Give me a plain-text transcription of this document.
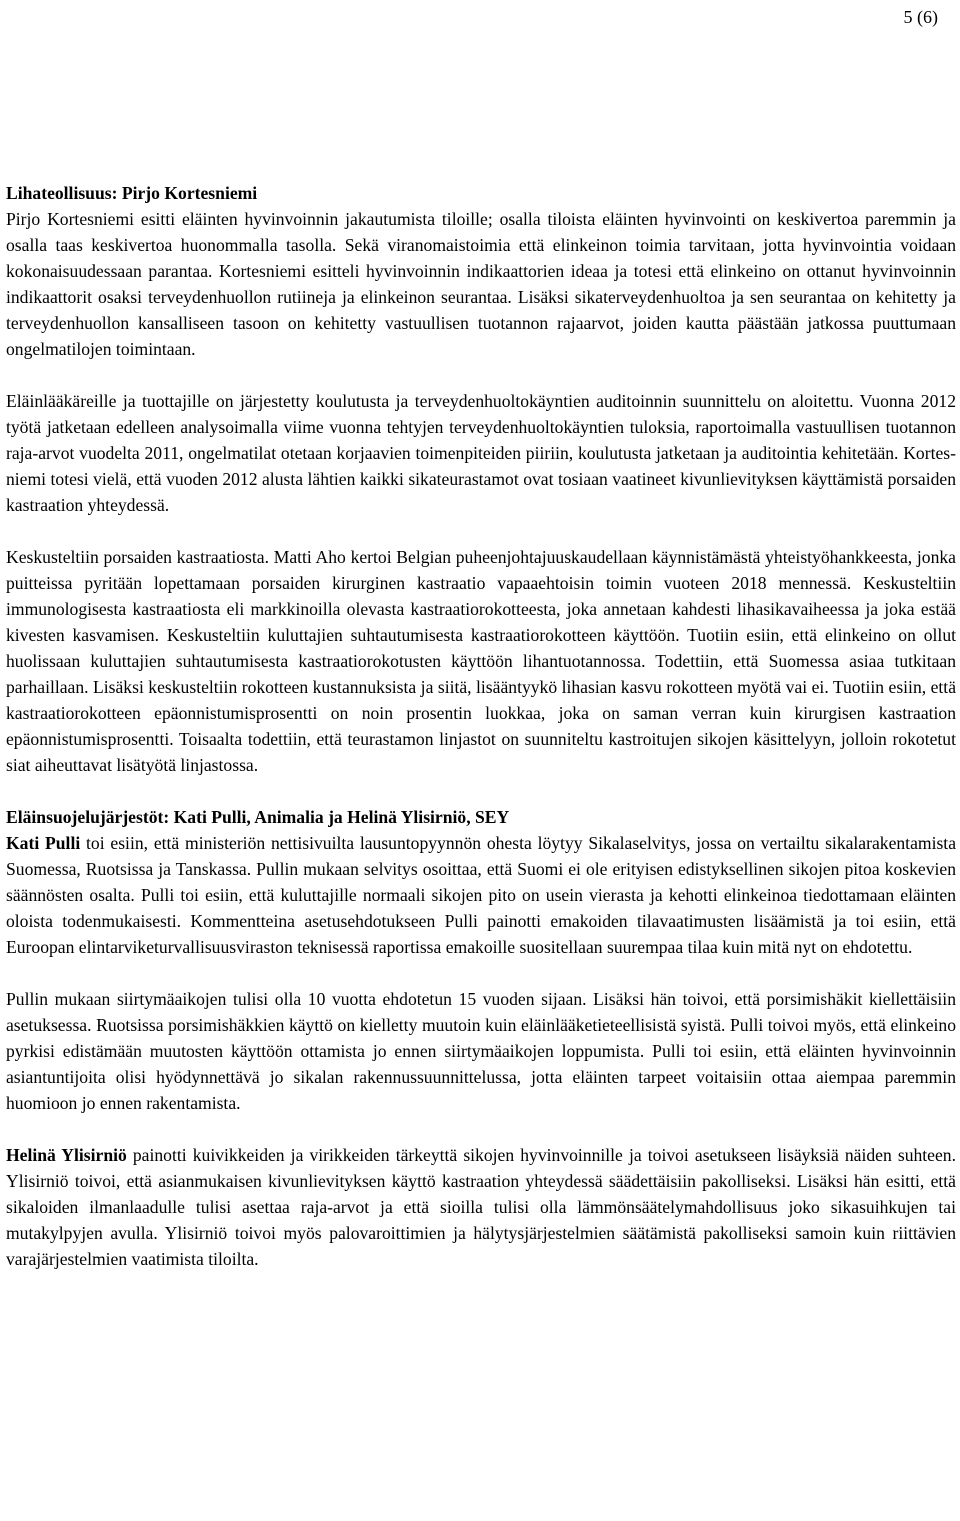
5 (6)

Lihateollisuus: Pirjo Kortesniemi

Pirjo Kortesniemi esitti eläinten hyvinvoinnin jakautumista tiloille; osalla tiloista eläinten hyvinvointi on keskivertoa paremmin ja osalla taas keskivertoa huonommalla tasolla. Sekä viranomaistoimia että elinkeinon toimia tarvitaan, jotta hyvinvointia voidaan kokonaisuudessaan parantaa. Kortesniemi esitteli hyvinvoinnin indikaattorien ideaa ja totesi että elinkeino on ottanut hyvinvoinnin indikaattorit osaksi terveydenhuollon rutiineja ja elinkeinon seurantaa. Lisäksi sikaterveydenhuoltoa ja sen seurantaa on kehitetty ja terveydenhuollon kansalliseen tasoon on kehitetty vastuullisen tuotannon rajaarvot, joiden kautta päästään jatkossa puuttumaan ongelmatilojen toimintaan.

Eläinlääkäreille ja tuottajille on järjestetty koulutusta ja terveydenhuoltokäyntien auditoinnin suunnittelu on aloitettu. Vuonna 2012 työtä jatketaan edelleen analysoimalla viime vuonna tehtyjen terveydenhuoltokäyntien tuloksia, raportoimalla vastuullisen tuotannon raja-arvot vuodelta 2011, ongelmatilat otetaan korjaavien toimenpiteiden piiriin, koulutusta jatketaan ja auditointia kehitetään. Kortesniemi totesi vielä, että vuoden 2012 alusta lähtien kaikki sikateurastamot ovat tosiaan vaatineet kivunlievityksen käyttämistä porsaiden kastraation yhteydessä.

Keskusteltiin porsaiden kastraatiosta. Matti Aho kertoi Belgian puheenjohtajuuskaudellaan käynnistämästä yhteistyöhankkeesta, jonka puitteissa pyritään lopettamaan porsaiden kirurginen kastraatio vapaaehtoisin toimin vuoteen 2018 mennessä. Keskusteltiin immunologisesta kastraatiosta eli markkinoilla olevasta kastraatiorokotteesta, joka annetaan kahdesti lihasikavaiheessa ja joka estää kivesten kasvamisen. Keskusteltiin kuluttajien suhtautumisesta kastraatiorokotteen käyttöön. Tuotiin esiin, että elinkeino on ollut huolissaan kuluttajien suhtautumisesta kastraatiorokotusten käyttöön lihantuotannossa. Todettiin, että Suomessa asiaa tutkitaan parhaillaan. Lisäksi keskusteltiin rokotteen kustannuksista ja siitä, lisääntyykö lihasian kasvu rokotteen myötä vai ei. Tuotiin esiin, että kastraatiorokotteen epäonnistumisprosentti on noin prosentin luokkaa, joka on saman verran kuin kirurgisen kastraation epäonnistumisprosentti. Toisaalta todettiin, että teurastamon linjastot on suunniteltu kastroitujen sikojen käsittelyyn, jolloin rokotetut siat aiheuttavat lisätyötä linjastossa.

Eläinsuojelujärjestöt: Kati Pulli, Animalia ja Helinä Ylisirniö, SEY

Kati Pulli toi esiin, että ministeriön nettisivuilta lausuntopyynnön ohesta löytyy Sikalaselvitys, jossa on vertailtu sikalarakentamista Suomessa, Ruotsissa ja Tanskassa. Pullin mukaan selvitys osoittaa, että Suomi ei ole erityisen edistyksellinen sikojen pitoa koskevien säännösten osalta. Pulli toi esiin, että kuluttajille normaali sikojen pito on usein vierasta ja kehotti elinkeinoa tiedottamaan eläinten oloista todenmukaisesti. Kommentteina asetusehdotukseen Pulli painotti emakoiden tilavaatimusten lisäämistä ja toi esiin, että Euroopan elintarviketurvallisuusviraston teknisessä raportissa emakoille suositellaan suurempaa tilaa kuin mitä nyt on ehdotettu.

Pullin mukaan siirtymäaikojen tulisi olla 10 vuotta ehdotetun 15 vuoden sijaan. Lisäksi hän toivoi, että porsimishäkit kiellettäisiin asetuksessa. Ruotsissa porsimishäkkien käyttö on kielletty muutoin kuin eläinlääketieteellisistä syistä. Pulli toivoi myös, että elinkeino pyrkisi edistämään muutosten käyttöön ottamista jo ennen siirtymäaikojen loppumista. Pulli toi esiin, että eläinten hyvinvoinnin asiantuntijoita olisi hyödynnettävä jo sikalan rakennussuunnittelussa, jotta eläinten tarpeet voitaisiin ottaa aiempaa paremmin huomioon jo ennen rakentamista.

Helinä Ylisirniö painotti kuivikkeiden ja virikkeiden tärkeyttä sikojen hyvinvoinnille ja toivoi asetukseen lisäyksiä näiden suhteen. Ylisirniö toivoi, että asianmukaisen kivunlievityksen käyttö kastraation yhteydessä säädettäisiin pakolliseksi. Lisäksi hän esitti, että sikaloiden ilmanlaadulle tulisi asettaa raja-arvot ja että sioilla tulisi olla lämmönsäätelymahdollisuus joko sikasuihkujen tai mutakylpyjen avulla. Ylisirniö toivoi myös palovaroittimien ja hälytysjärjestelmien säätämistä pakolliseksi samoin kuin riittävien varajärjestelmien vaatimista tiloilta.
